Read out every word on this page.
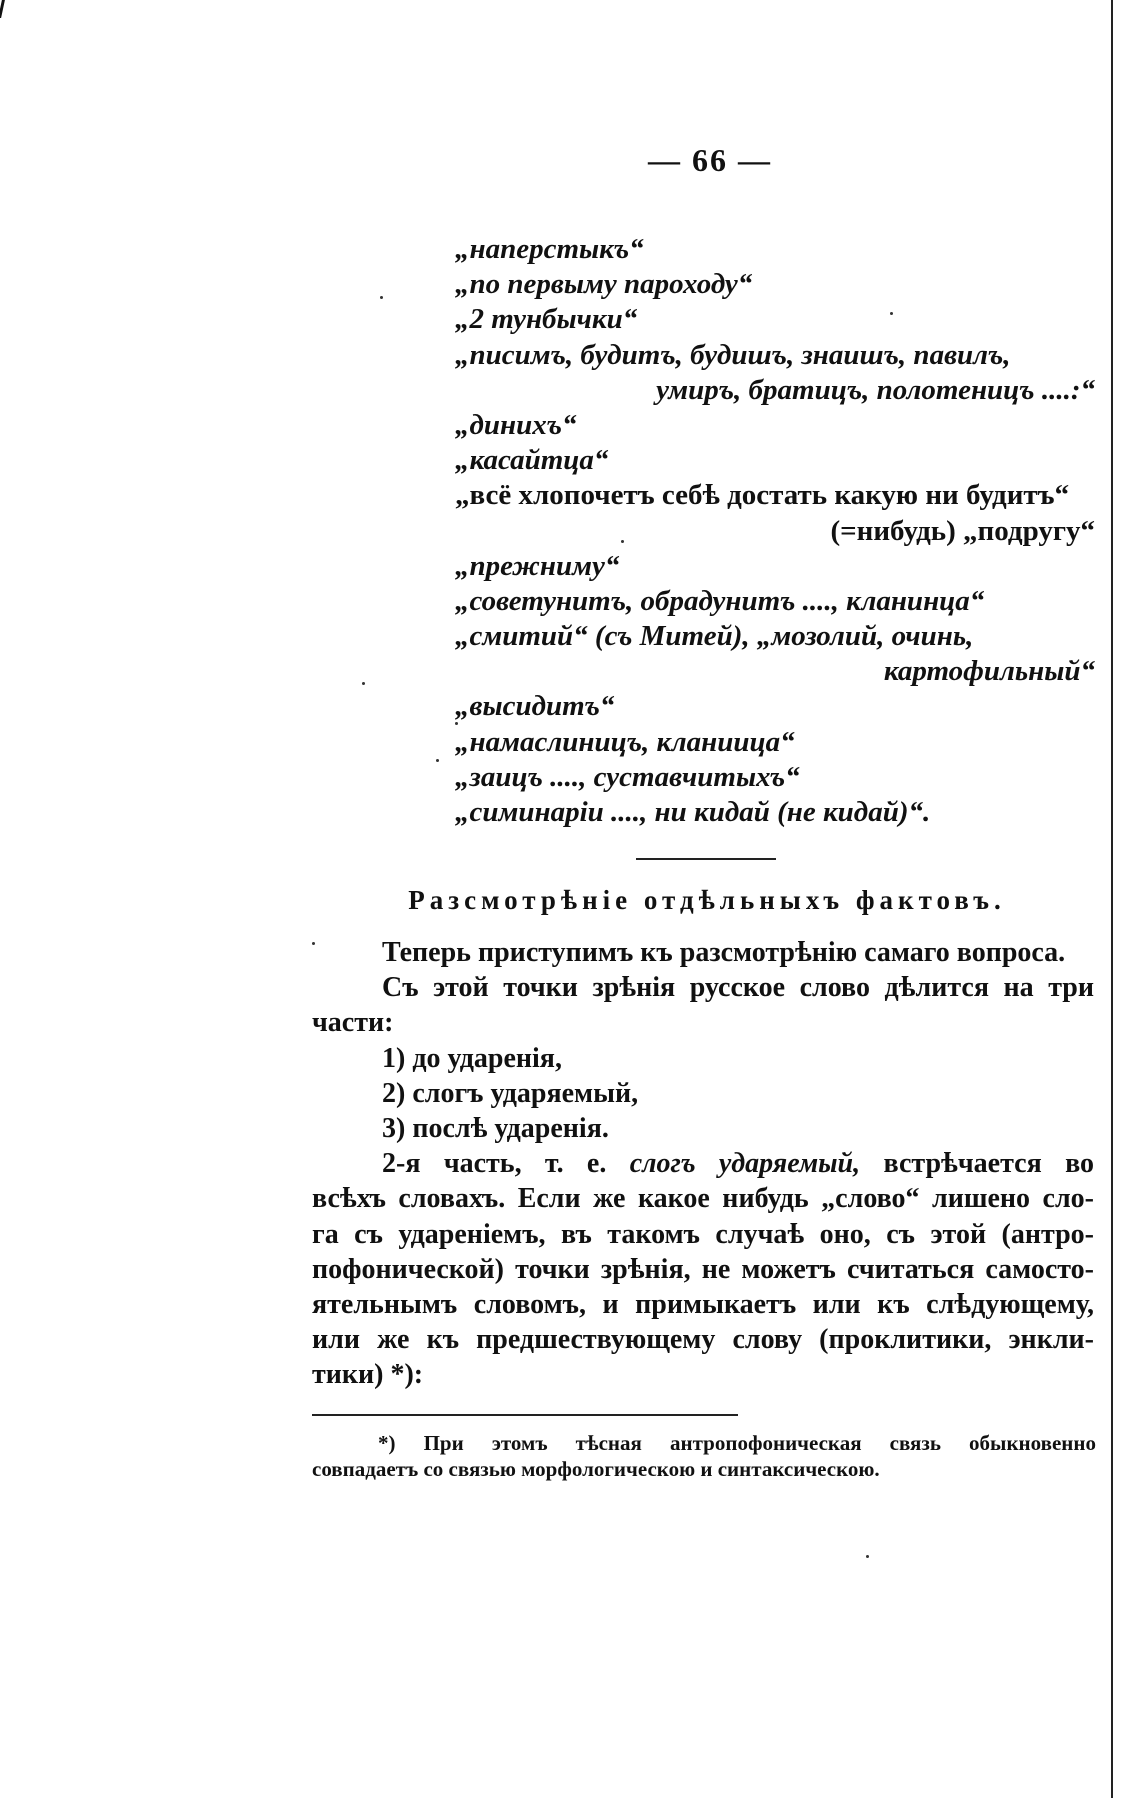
— 66 —
„наперстыкъ“
„по первыму пароходу“
„2 тунбычки“
„писимъ, будитъ, будишъ, знаишъ, павилъ,
умиръ, братицъ, полотеницъ ....:“
„диниxъ“
„касайтца“
„всё хлопочетъ себѣ достать какую ни будитъ“
(=нибудь) „подругу“
„прежниму“
„советунитъ, обрадунитъ ...., кланинца“
„смитий“ (съ Митей), „мозолий, очинь,
картофильный“
„высидитъ“
„намаслиницъ, кланиица“
„заицъ ...., суставчитыхъ“
„симинаріи ...., ни кидай (не кидай)“.
Разсмотрѣніе отдѣльныхъ фактовъ.

Теперь приступимъ къ разсмотрѣнію самаго вопроса.

Съ этой точки зрѣнія русское слово дѣлится на три

части:

1) до ударенія,
2) слогъ ударяемый,
3) послѣ ударенія.

2-я часть, т. е. слогъ ударяемый, встрѣчается во

всѣхъ словахъ. Если же какое нибудь „слово“ лишено сло-

га съ удареніемъ, въ такомъ случаѣ оно, съ этой (антро-

пофонической) точки зрѣнія, не можетъ считаться самосто-

ятельнымъ словомъ, и примыкаетъ или къ слѣдующему,

или же къ предшествующему слову (проклитики, энкли-

тики) *):

*) При этомъ тѣсная антропофоническая связь обыкновенно
совпадаетъ со связью морфологическою и синтаксическою.
